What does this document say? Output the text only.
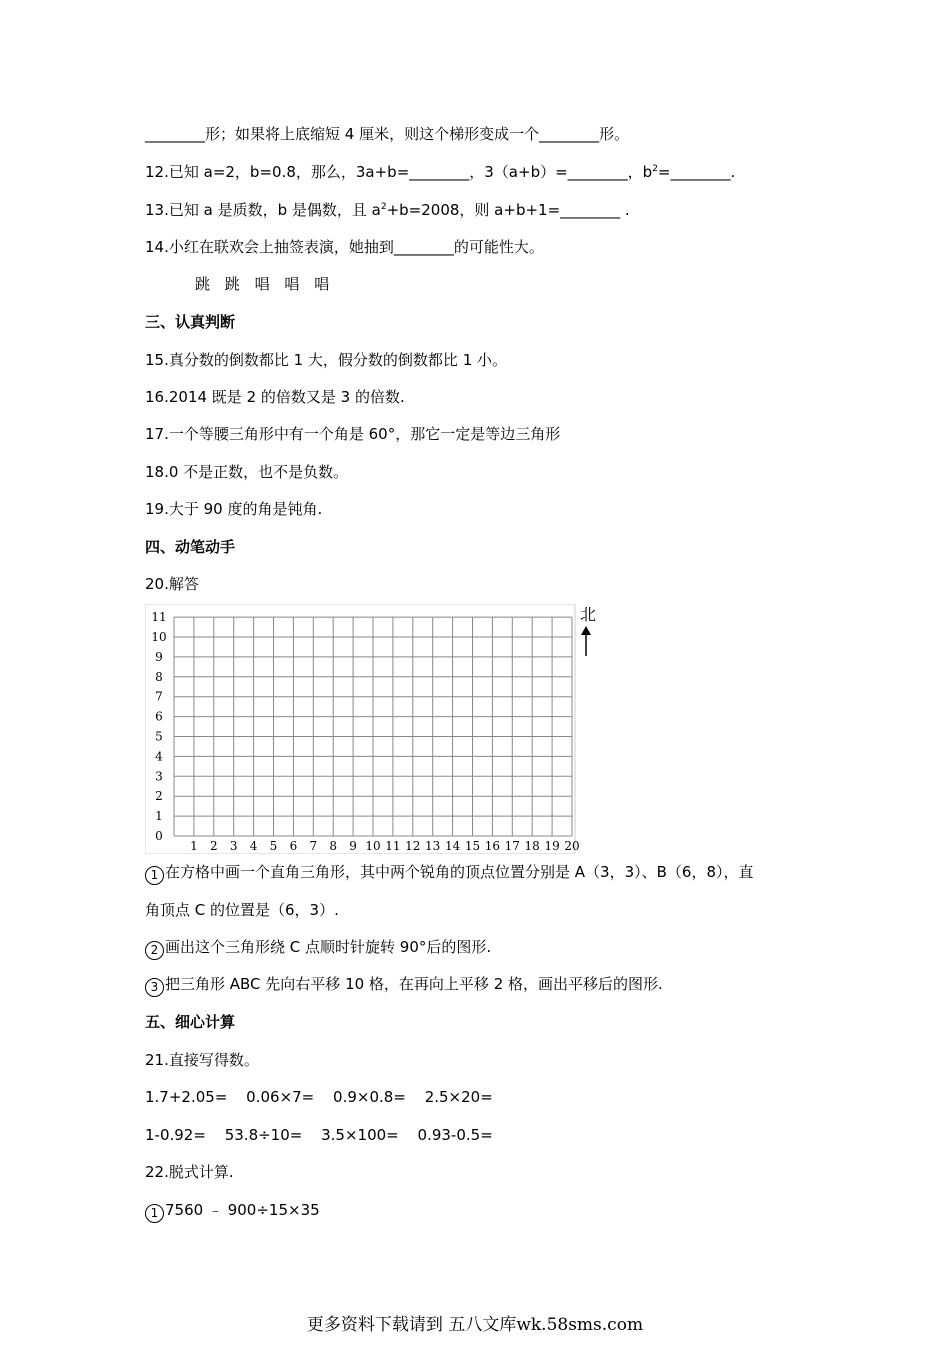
________形；如果将上底缩短 4 厘米，则这个梯形变成一个________形。
12.已知 a=2，b=0.8，那么，3a+b=________，3（a+b）=________，$b^2=\_\_\_\_\_\_\_\_$.
13.已知 a 是质数，b 是偶数，且 $a^2+b=2008$，则 a+b+1=________ .
14.小红在联欢会上抽签表演，她抽到________的可能性大。
跳 跳 唱 唱 唱
三、认真判断
15.真分数的倒数都比 1 大，假分数的倒数都比 1 小。
16.2014 既是 2 的倍数又是 3 的倍数.
17.一个等腰三角形中有一个角是 60°，那它一定是等边三角形
18.0 不是正数，也不是负数。
19.大于 90 度的角是钝角.
四、动笔动手
20.解答
1 2 3 4 5 6 7 8 9 10 11 12 13 14 15 16 17 18 19 20
0
1
2
3
4
5
6
7
8
9
10
11	北
1 在方格中画一个直角三角形，其中两个锐角的顶点位置分别是 A（3，3）、B（6，8），直
角顶点 C 的位置是（6，3）.
2 画出这个三角形绕 C 点顺时针旋转 90°后的图形.
3 把三角形 ABC 先向右平移 10 格，在再向上平移 2 格，画出平移后的图形.
五、细心计算
21.直接写得数。
1.7+2.05= 0.06×7= 0.9×0.8= 2.5×20=
1-0.92= 53.8÷10= 3.5×100= 0.93-0.5=
22.脱式计算.
1 7560 ﹣ 900÷15×35
更多资料下载请到 五八文库wk.58sms.com
